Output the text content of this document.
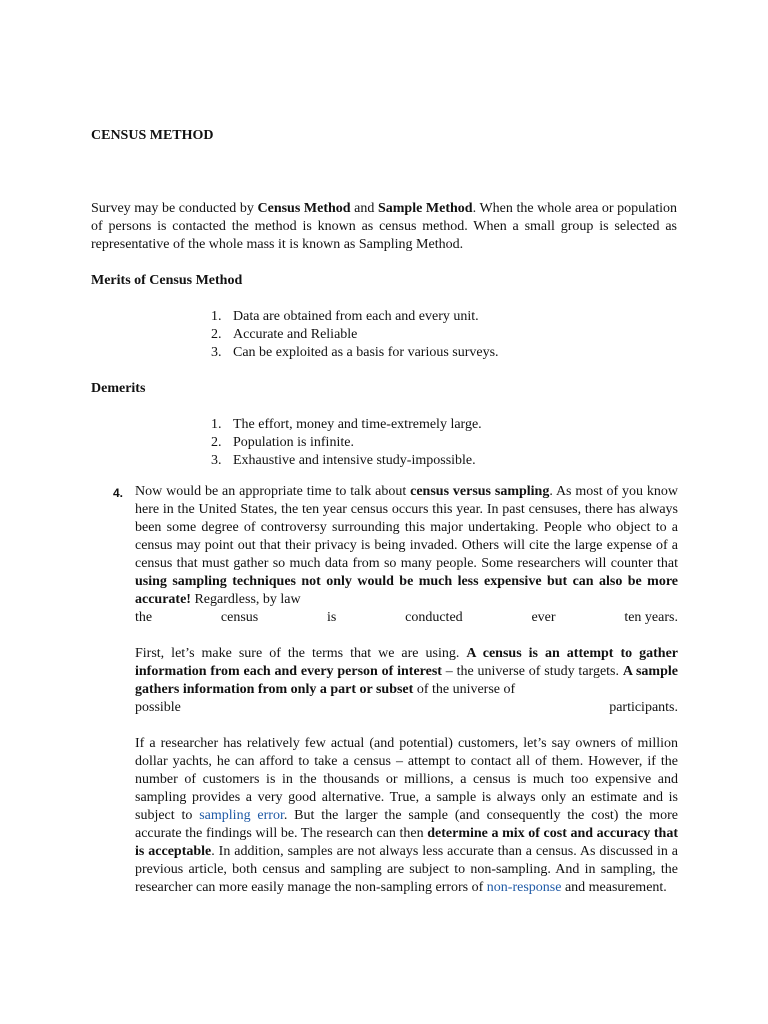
CENSUS METHOD

Survey may be conducted by Census Method and Sample Method. When the whole area or population of persons is contacted the method is known as census method. When a small group is selected as representative of the whole mass it is known as Sampling Method.

Merits of Census Method
1. Data are obtained from each and every unit.
2. Accurate and Reliable
3. Can be exploited as a basis for various surveys.
Demerits
1. The effort, money and time-extremely large.
2. Population is infinite.
3. Exhaustive and intensive study-impossible.
4. Now would be an appropriate time to talk about census versus sampling. As most of you know here in the United States, the ten year census occurs this year. In past censuses, there has always been some degree of controversy surrounding this major undertaking. People who object to a census may point out that their privacy is being invaded. Others will cite the large expense of a census that must gather so much data from so many people. Some researchers will counter that using sampling techniques not only would be much less expensive but can also be more accurate! Regardless, by law

the	census	is	conducted	ever	ten years.

First, let’s make sure of the terms that we are using. A census is an attempt to gather information from each and every person of interest – the universe of study targets. A sample gathers information from only a part or subset of the universe of

possible	participants.

If a researcher has relatively few actual (and potential) customers, let’s say owners of million dollar yachts, he can afford to take a census – attempt to contact all of them. However, if the number of customers is in the thousands or millions, a census is much too expensive and sampling provides a very good alternative. True, a sample is always only an estimate and is subject to sampling error. But the larger the sample (and consequently the cost) the more accurate the findings will be. The research can then determine a mix of cost and accuracy that is acceptable. In addition, samples are not always less accurate than a census. As discussed in a previous article, both census and sampling are subject to non-sampling. And in sampling, the researcher can more easily manage the non-sampling errors of non-response and measurement.
